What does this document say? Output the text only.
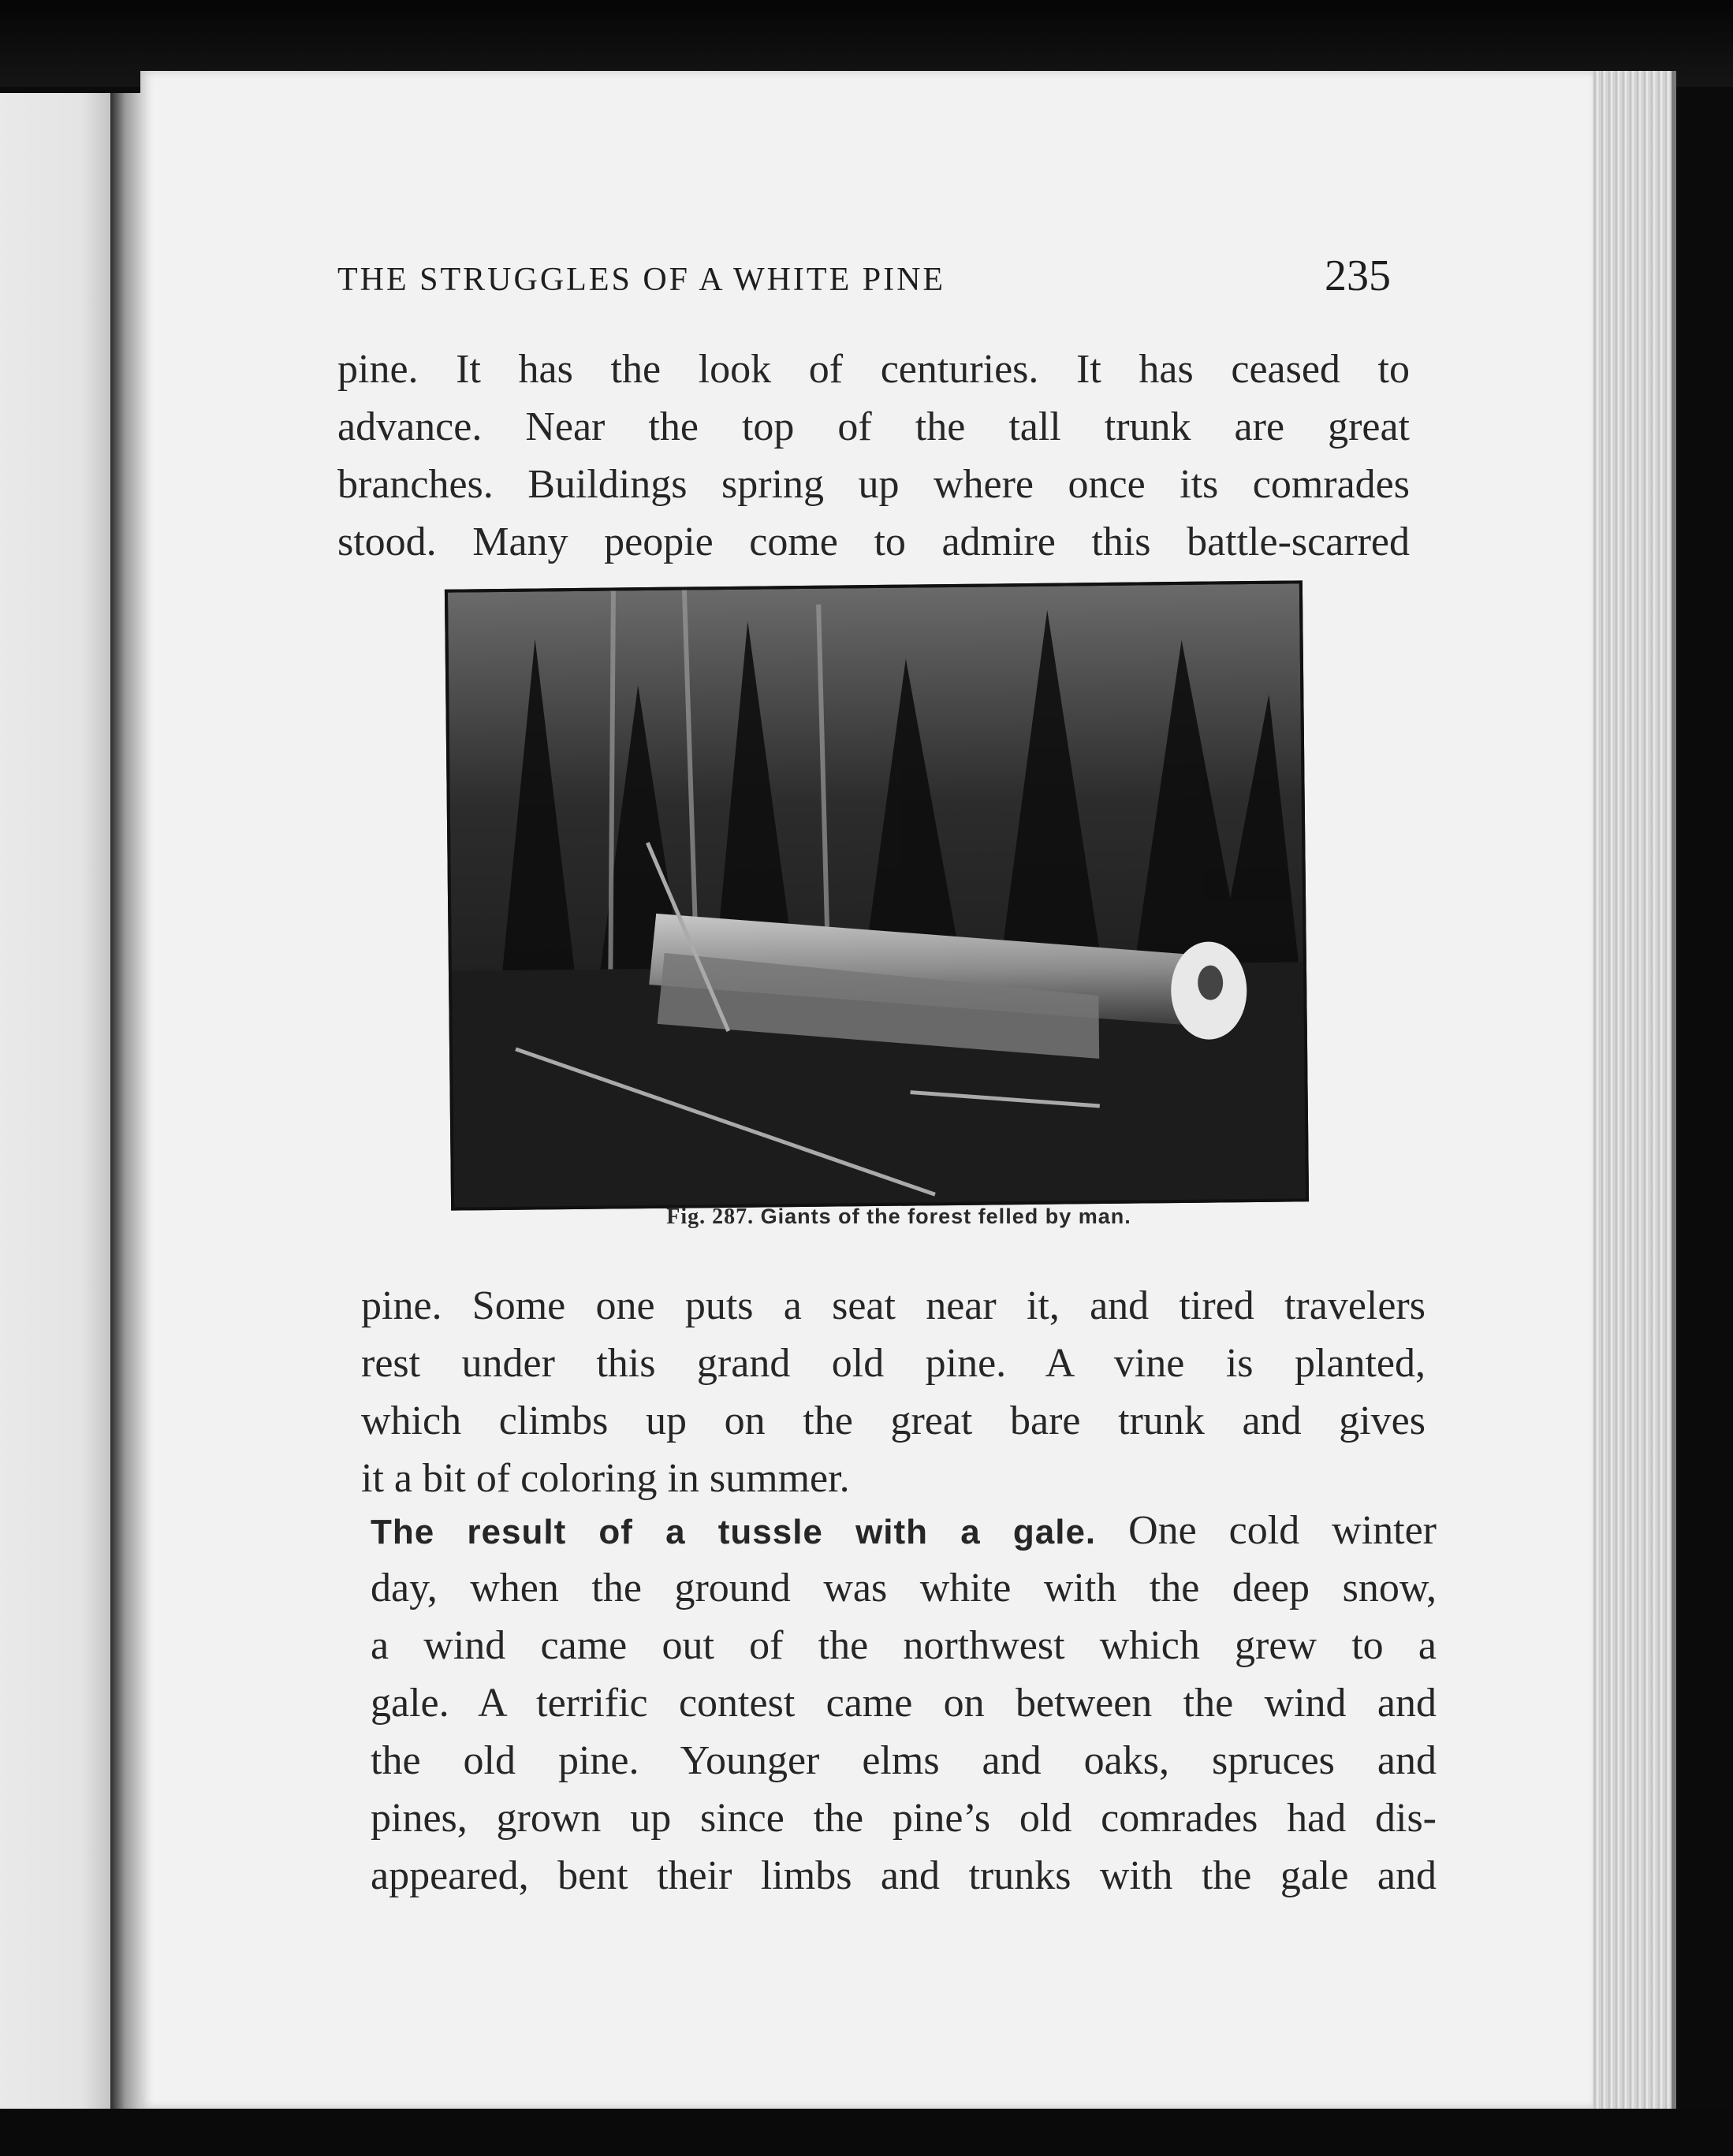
THE STRUGGLES OF A WHITE PINE	235
pine. It has the look of centuries. It has ceased to
advance. Near the top of the tall trunk are great
branches. Buildings spring up where once its comrades
stood. Many peopie come to admire this battle-scarred
Fig. 287. Giants of the forest felled by man.
pine. Some one puts a seat near it, and tired travelers
rest under this grand old pine. A vine is planted,
which climbs up on the great bare trunk and gives
it a bit of coloring in summer.
The result of a tussle with a gale. One cold winter
day, when the ground was white with the deep snow,
a wind came out of the northwest which grew to a
gale. A terrific contest came on between the wind and
the old pine. Younger elms and oaks, spruces and
pines, grown up since the pine’s old comrades had dis-
appeared, bent their limbs and trunks with the gale and
